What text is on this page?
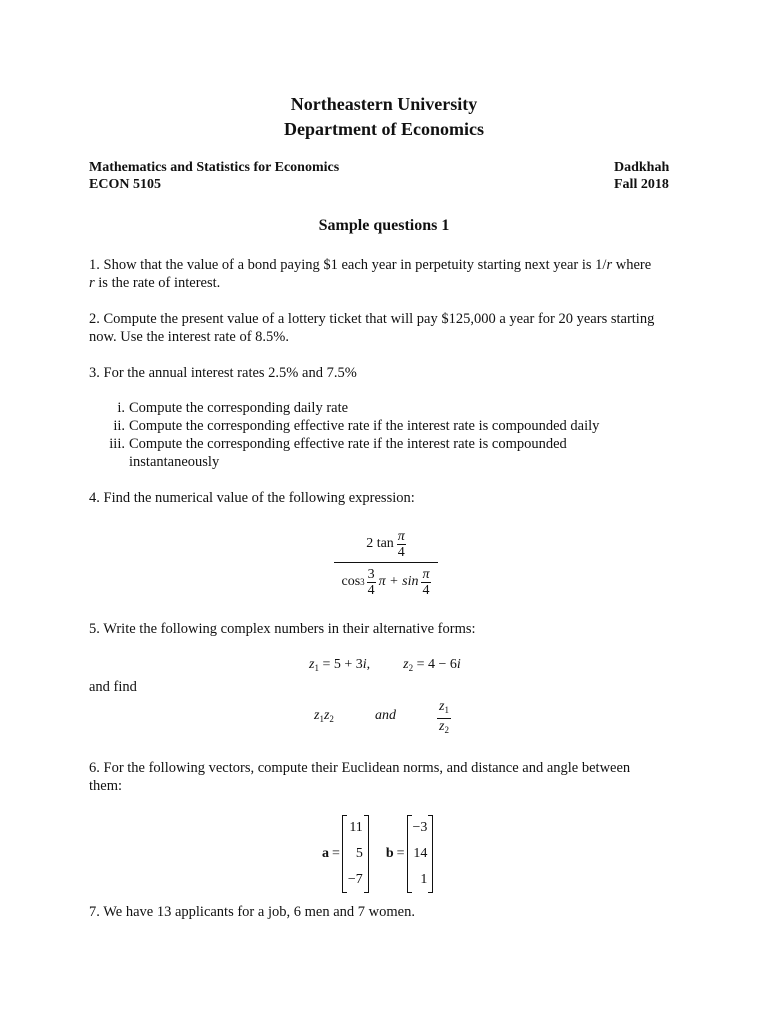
Northeastern University
Department of Economics
Mathematics and Statistics for Economics
ECON 5105
Dadkhah
Fall 2018
Sample questions 1
1. Show that the value of a bond paying $1 each year in perpetuity starting next year is 1/r where
r is the rate of interest.
2. Compute the present value of a lottery ticket that will pay $125,000 a year for 20 years starting
now. Use the interest rate of 8.5%.
3. For the annual interest rates 2.5% and 7.5%
i. Compute the corresponding daily rate
ii. Compute the corresponding effective rate if the interest rate is compounded daily
iii. Compute the corresponding effective rate if the interest rate is compounded
instantaneously
4. Find the numerical value of the following expression:
2 $\tan \frac{\pi}{4}$
$\cos 3 \frac{3}{4}$ $\pi + \sin \frac{\pi}{4}$
5. Write the following complex numbers in their alternative forms:
$z_1 = 5 + 3i$, $z_2 = 4 - 6i$
and find
$z_1z_2$	and	$\frac{z_1}{z_2}$
6. For the following vectors, compute their Euclidean norms, and distance and angle between
them:
a =
11
5
−7
b =
−3
14
1
7. We have 13 applicants for a job, 6 men and 7 women.
